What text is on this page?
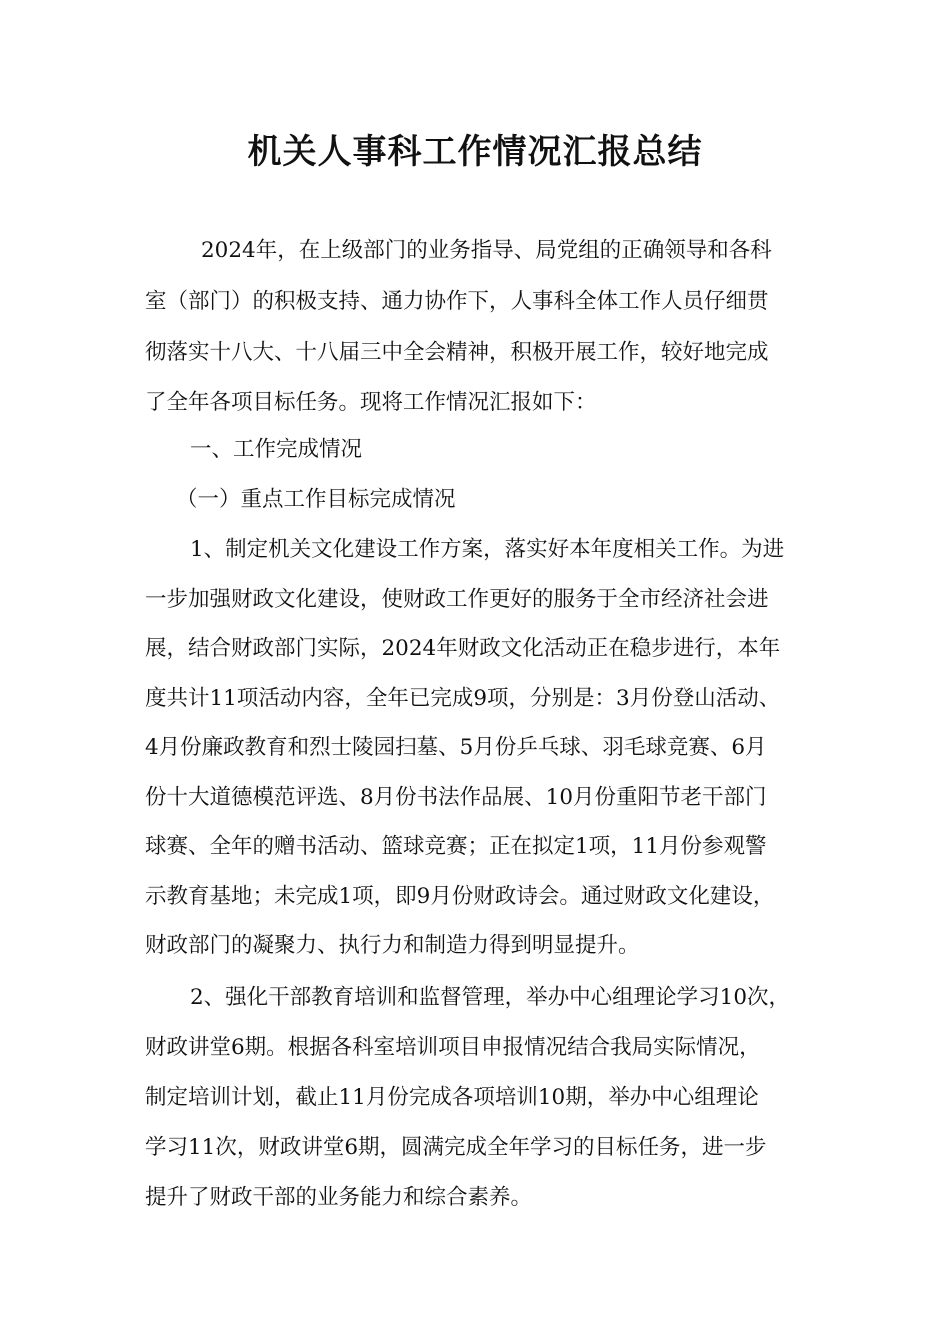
机关人事科工作情况汇报总结
2024年，在上级部门的业务指导、局党组的正确领导和各科
室（部门）的积极支持、通力协作下，人事科全体工作人员仔细贯
彻落实十八大、十八届三中全会精神，积极开展工作，较好地完成
了全年各项目标任务。现将工作情况汇报如下：
一、工作完成情况
（一）重点工作目标完成情况
1、制定机关文化建设工作方案，落实好本年度相关工作。为进
一步加强财政文化建设，使财政工作更好的服务于全市经济社会进
展，结合财政部门实际，2024年财政文化活动正在稳步进行，本年
度共计11项活动内容，全年已完成9项，分别是：3月份登山活动、
4月份廉政教育和烈士陵园扫墓、5月份乒乓球、羽毛球竞赛、6月
份十大道德模范评选、8月份书法作品展、10月份重阳节老干部门
球赛、全年的赠书活动、篮球竞赛；正在拟定1项，11月份参观警
示教育基地；未完成1项，即9月份财政诗会。通过财政文化建设，
财政部门的凝聚力、执行力和制造力得到明显提升。
2、强化干部教育培训和监督管理，举办中心组理论学习10次，
财政讲堂6期。根据各科室培训项目申报情况结合我局实际情况，
制定培训计划，截止11月份完成各项培训10期，举办中心组理论
学习11次，财政讲堂6期，圆满完成全年学习的目标任务，进一步
提升了财政干部的业务能力和综合素养。
